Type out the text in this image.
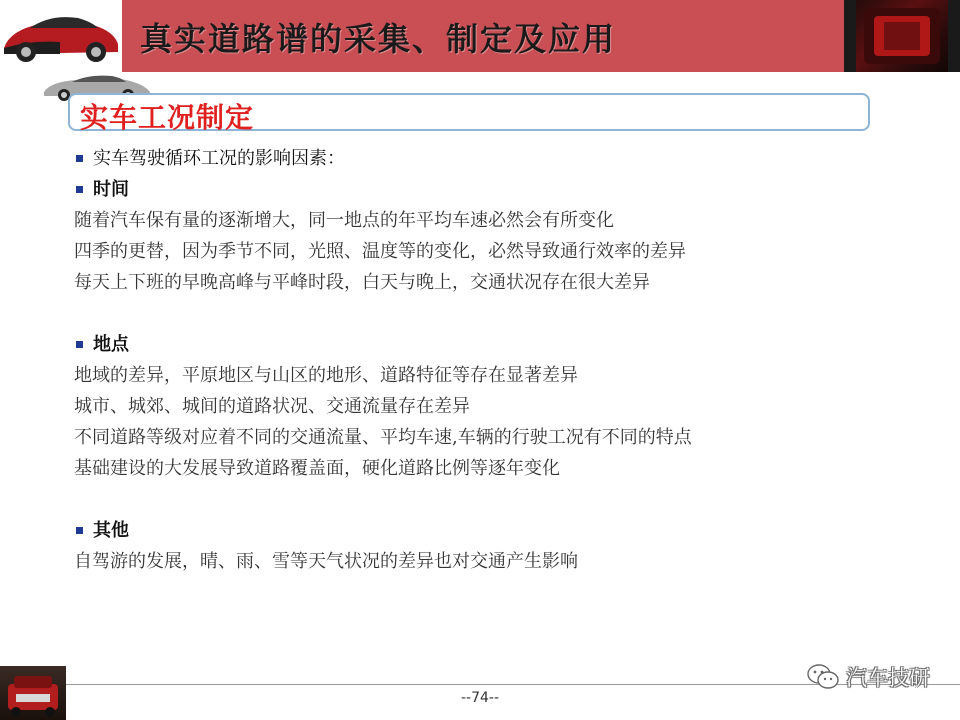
真实道路谱的采集、制定及应用
实车工况制定
实车驾驶循环工况的影响因素：
时间
随着汽车保有量的逐渐增大，同一地点的年平均车速必然会有所变化
四季的更替，因为季节不同，光照、温度等的变化，必然导致通行效率的差异
每天上下班的早晚高峰与平峰时段，白天与晚上，交通状况存在很大差异
地点
地域的差异，平原地区与山区的地形、道路特征等存在显著差异
城市、城郊、城间的道路状况、交通流量存在差异
不同道路等级对应着不同的交通流量、平均车速,车辆的行驶工况有不同的特点
基础建设的大发展导致道路覆盖面，硬化道路比例等逐年变化
其他
自驾游的发展，晴、雨、雪等天气状况的差异也对交通产生影响
--74--
汽车技研
